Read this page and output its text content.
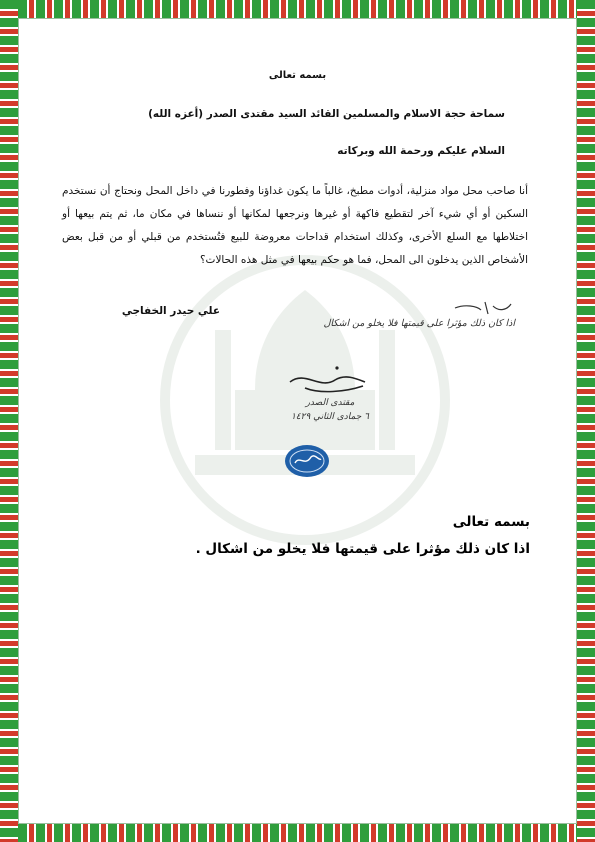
بسمه تعالى
سماحة حجة الاسلام والمسلمين القائد السيد مقتدى الصدر (أعزه الله)
السلام عليكم ورحمة الله وبركاته
أنا صاحب محل مواد منزلية، أدوات مطبخ، غالباً ما يكون غداؤنا وفطورنا في داخل المحل ونحتاج أن نستخدم السكين أو أي شيء آخر لتقطيع فاكهة أو غيرها ونرجعها لمكانها أو ننساها في مكان ما، ثم يتم بيعها أو اختلاطها مع السلع الأخرى، وكذلك استخدام قداحات معروضة للبيع فتُستخدم من قبلي أو من قبل بعض الأشخاص الذين يدخلون الى المحل، فما هو حكم بيعها في مثل هذه الحالات؟
علي حيدر الخفاجي
اذا كان ذلك مؤثرا على قيمتها فلا يخلو من اشكال
مقتدى الصدر
٦ جمادى الثاني ١٤٢٩
بسمه تعالى
اذا كان ذلك مؤثرا على قيمتها فلا يخلو من اشكال .
